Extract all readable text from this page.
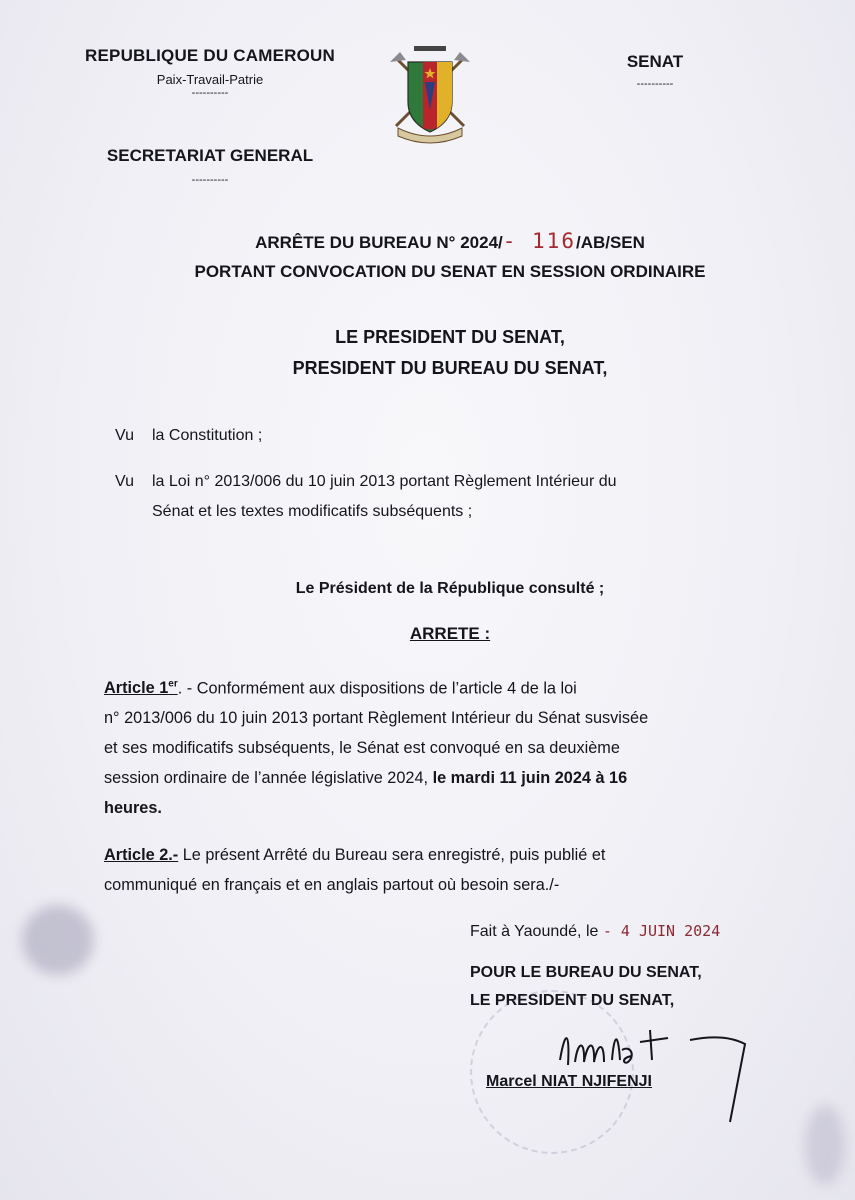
REPUBLIQUE DU CAMEROUN
Paix-Travail-Patrie
----------
SECRETARIAT GENERAL
----------
SENAT
----------
ARRÊTE DU BUREAU N° 2024/- 116/AB/SEN
PORTANT CONVOCATION DU SENAT EN SESSION ORDINAIRE
LE PRESIDENT DU SENAT,
PRESIDENT DU BUREAU DU SENAT,
Vu la Constitution ;
Vu la Loi n° 2013/006 du 10 juin 2013 portant Règlement Intérieur du
Sénat et les textes modificatifs subséquents ;
Le Président de la République consulté ;
ARRETE :
Article 1er. - Conformément aux dispositions de l’article 4 de la loi
n° 2013/006 du 10 juin 2013 portant Règlement Intérieur du Sénat susvisée
et ses modificatifs subséquents, le Sénat est convoqué en sa deuxième
session ordinaire de l’année législative 2024, le mardi 11 juin 2024 à 16
heures.
Article 2.- Le présent Arrêté du Bureau sera enregistré, puis publié et
communiqué en français et en anglais partout où besoin sera./-
Fait à Yaoundé, le - 4 JUIN 2024
POUR LE BUREAU DU SENAT,
LE PRESIDENT DU SENAT,
Marcel NIAT NJIFENJI
